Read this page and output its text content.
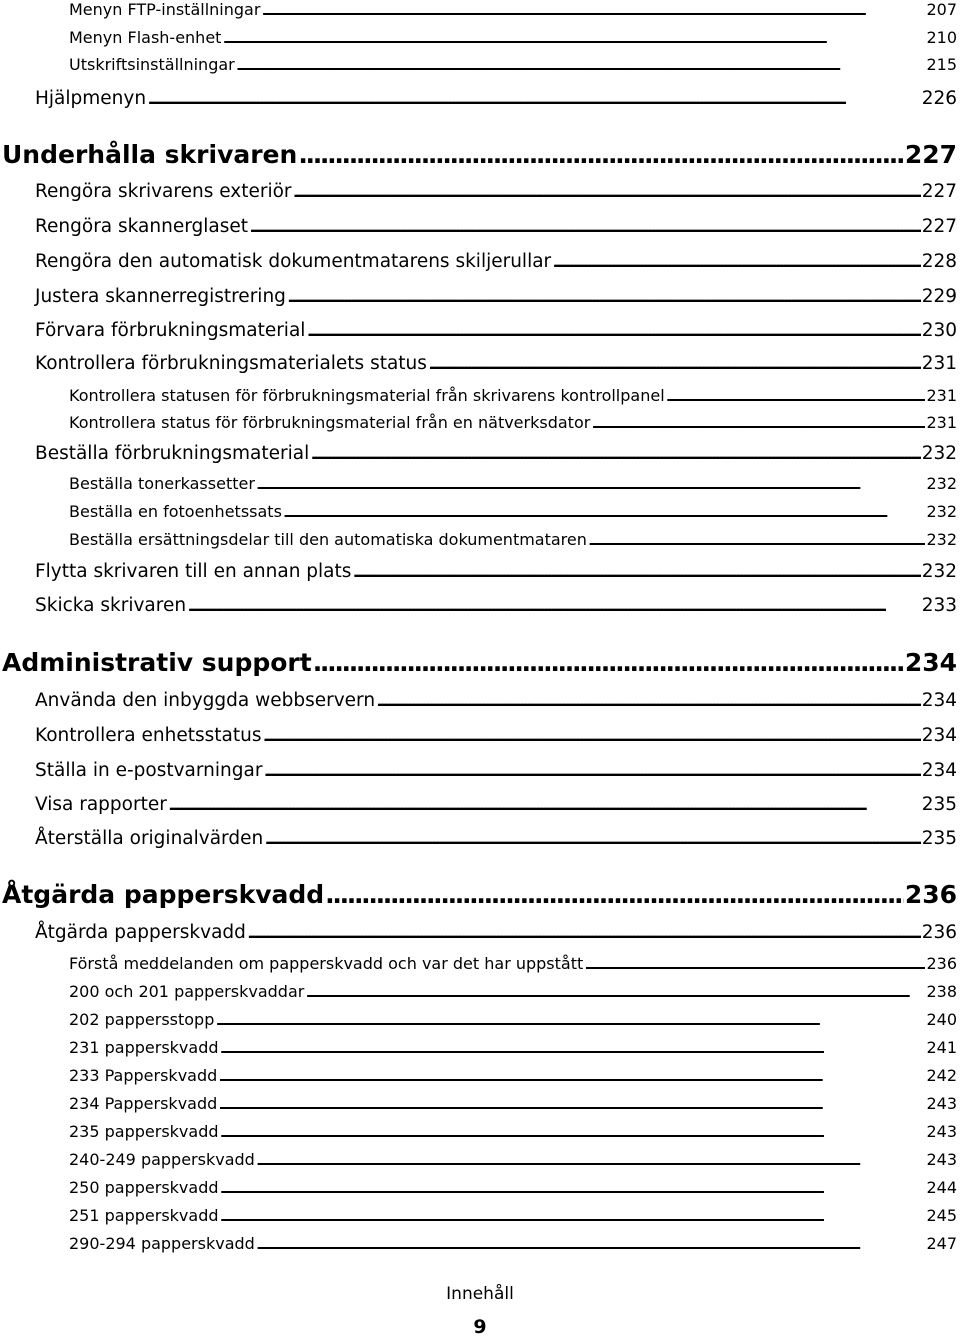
Menyn FTP-inställningar . . .	207
Menyn Flash-enhet . . .	210
Utskriftsinställningar . . .	215
Hjälpmenyn . . .	226
Underhålla skrivaren . . .	227
Rengöra skrivarens exteriör . . .	227
Rengöra skannerglaset . . .	227
Rengöra den automatisk dokumentmatarens skiljerullar . . .	228
Justera skannerregistrering . . .	229
Förvara förbrukningsmaterial . . .	230
Kontrollera förbrukningsmaterialets status . . .	231
Kontrollera statusen för förbrukningsmaterial från skrivarens kontrollpanel . . .	231
Kontrollera status för förbrukningsmaterial från en nätverksdator . . .	231
Beställa förbrukningsmaterial . . .	232
Beställa tonerkassetter . . .	232
Beställa en fotoenhetssats . . .	232
Beställa ersättningsdelar till den automatiska dokumentmataren . . .	232
Flytta skrivaren till en annan plats . . .	232
Skicka skrivaren . . .	233
Administrativ support . . .	234
Använda den inbyggda webbservern . . .	234
Kontrollera enhetsstatus . . .	234
Ställa in e-postvarningar . . .	234
Visa rapporter . . .	235
Återställa originalvärden . . .	235
Åtgärda papperskvadd . . .	236
Åtgärda papperskvadd . . .	236
Förstå meddelanden om papperskvadd och var det har uppstått . . .	236
200 och 201 papperskvaddar . . .	238
202 pappersstopp . . .	240
231 papperskvadd . . .	241
233 Papperskvadd . . .	242
234 Papperskvadd . . .	243
235 papperskvadd . . .	243
240-249 papperskvadd . . .	243
250 papperskvadd . . .	244
251 papperskvadd . . .	245
290-294 papperskvadd . . .	247
Innehåll
9
